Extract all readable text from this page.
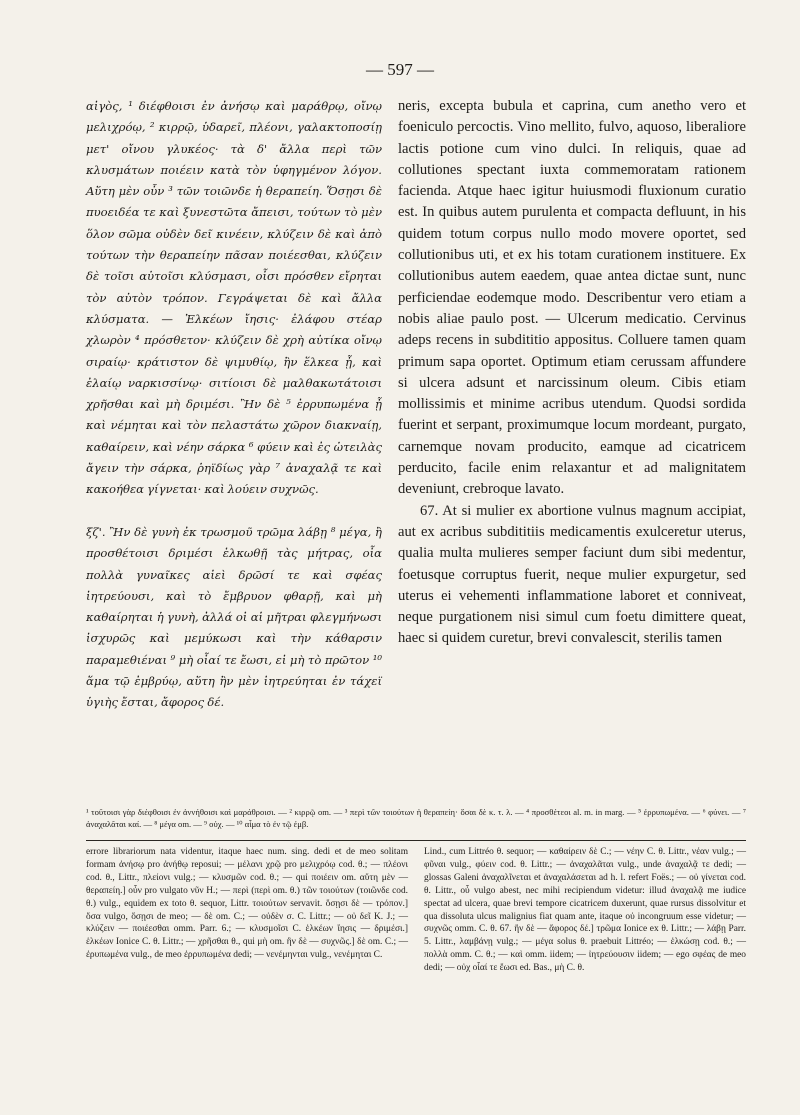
— 597 —

αἰγὸς, ¹ διέφθοισι ἐν ἀνήσῳ καὶ μαράθρῳ, οἴνῳ μελιχρόῳ, ² κιρρῷ, ὑδαρεῖ, πλέονι, γαλακτοποσίῃ μετ' οἴνου γλυκέος· τὰ δ' ἄλλα περὶ τῶν κλυσμάτων ποιέειν κατὰ τὸν ὑφηγμένον λόγον. Αὕτη μὲν οὖν ³ τῶν τοιῶνδε ἡ θεραπείη. Ὅσῃσι δὲ πυοειδέα τε καὶ ξυνεστῶτα ἄπεισι, τούτων τὸ μὲν ὅλον σῶμα οὐδὲν δεῖ κινέειν, κλύζειν δὲ καὶ ἀπὸ τούτων τὴν θεραπείην πᾶσαν ποιέεσθαι, κλύζειν δὲ τοῖσι αὐτοῖσι κλύσμασι, οἷσι πρόσθεν εἴρηται τὸν αὐτὸν τρόπον. Γεγράψεται δὲ καὶ ἄλλα κλύσματα. — Ἑλκέων ἴησις· ἐλάφου στέαρ χλωρὸν ⁴ πρόσθετον· κλύζειν δὲ χρὴ αὐτίκα οἴνῳ σιραίῳ· κράτιστον δὲ ψιμυθίῳ, ἢν ἕλκεα ᾖ, καὶ ἐλαίῳ ναρκισσίνῳ· σιτίοισι δὲ μαλθακωτάτοισι χρῆσθαι καὶ μὴ δριμέσι. Ἢν δὲ ⁵ ἐρρυπωμένα ᾖ καὶ νέμηται καὶ τὸν πελαστάτω χῶρον διακναίῃ, καθαίρειν, καὶ νέην σάρκα ⁶ φύειν καὶ ἐς ὠτειλὰς ἄγειν τὴν σάρκα, ῥηϊδίως γὰρ ⁷ ἀναχαλᾷ τε καὶ κακοήθεα γίγνεται· καὶ λούειν συχνῶς.

ξζ'. Ἢν δὲ γυνὴ ἐκ τρωσμοῦ τρῶμα λάβῃ ⁸ μέγα, ἢ προσθέτοισι δριμέσι ἑλκωθῇ τὰς μήτρας, οἷα πολλὰ γυναῖκες αἰεὶ δρῶσί τε καὶ σφέας ἰητρεύουσι, καὶ τὸ ἔμβρυον φθαρῇ, καὶ μὴ καθαίρηται ἡ γυνὴ, ἀλλά οἱ αἱ μῆτραι φλεγμήνωσι ἰσχυρῶς καὶ μεμύκωσι καὶ τὴν κάθαρσιν παραμεθιέναι ⁹ μὴ οἷαί τε ἔωσι, εἰ μὴ τὸ πρῶτον ¹⁰ ἅμα τῷ ἐμβρύῳ, αὕτη ἢν μὲν ἰητρεύηται ἐν τάχεϊ ὑγιὴς ἔσται, ἄφορος δέ.

neris, excepta bubula et caprina, cum anetho vero et foeniculo percoctis. Vino mellito, fulvo, aquoso, liberaliore lactis potione cum vino dulci. In reliquis, quae ad collutiones spectant iuxta commemoratam rationem facienda. Atque haec igitur huiusmodi fluxionum curatio est. In quibus autem purulenta et compacta defluunt, in his quidem totum corpus nullo modo movere oportet, sed collutionibus uti, et ex his totam curationem instituere. Ex collutionibus autem eaedem, quae antea dictae sunt, nunc perficiendae eodemque modo. Describentur vero etiam a nobis aliae paulo post. — Ulcerum medicatio. Cervinus adeps recens in subdititio appositus. Colluere tamen quam primum sapa oportet. Optimum etiam cerussam affundere si ulcera adsunt et narcissinum oleum. Cibis etiam mollissimis et minime acribus utendum. Quodsi sordida fuerint et serpant, proximumque locum mordeant, purgato, carnemque novam producito, eamque ad cicatricem perducito, facile enim relaxantur et ad malignitatem deveniunt, crebroque lavato.

67. At si mulier ex abortione vulnus magnum accipiat, aut ex acribus subdititiis medicamentis exulceretur uterus, qualia multa mulieres semper faciunt dum sibi medentur, foetusque corruptus fuerit, neque mulier expurgetur, sed uterus ei vehementi inflammatione laboret et conniveat, neque purgationem nisi simul cum foetu dimittere queat, haec si quidem curetur, brevi convalescit, sterilis tamen

¹ τοῦτοισι γὰρ διέφθοισι ἐν ἀννήθοισι καὶ μαράθροισι. — ² κιρρῷ om. — ³ περὶ τῶν τοιούτων ἡ θεραπείη· ὅσαι δὲ κ. τ. λ. — ⁴ προσθέτεοι al. m. in marg. — ⁵ ἐρρυπωμένα. — ⁶ φύνει. — ⁷ ἀναχαλᾶται καί. — ⁸ μέγα om. — ⁹ οὐχ. — ¹⁰ αἷμα τὸ ἐν τῷ ἐμβ.
errore librariorum nata videntur, itaque haec num. sing. dedi et de meo solitam formam ἀνήσῳ pro ἀνήθῳ reposui; — μέλανι χρῷ pro μελιχρόῳ cod. θ.; — πλέονι cod. θ., Littr., πλείονι vulg.; — κλυσμῶν cod. θ.; — qui ποιέειν om. αὕτη μὲν — θεραπείη.] οὖν pro vulgato νῦν H.; — περὶ (περὶ om. θ.) τῶν τοιούτων (τοιῶνδε cod. θ.) vulg., equidem ex toto θ. sequor, Littr. τοιούτων servavit. ὅσῃσι δὲ — τρόπον.] ὅσα vulgo, ὅσῃσι de meo; — δὲ om. C.; — οὐδὲν σ. C. Littr.; — οὐ δεῖ K. J.; — κλύζειν — ποιέεσθαι omm. Parr. 6.; — κλυσμοῖσι C. ἑλκέων ἴησις — δριμέσι.] ἑλκέων Ionice C. θ. Littr.; — χρῆσθαι θ., qui μὴ om. ἢν δὲ — συχνῶς.] δὲ om. C.; — ἐρυπωμένα vulg., de meo ἐρρυπωμένα dedi; — νενέμηνται vulg., νενέμηται C.
Lind., cum Littréo θ. sequor; — καθαίρειν δὲ C.; — νέην C. θ. Littr., νέαν vulg.; — φῦναι vulg., φύειν cod. θ. Littr.; — ἀναχαλᾶται vulg., unde ἀναχαλᾷ τε dedi; — glossas Galeni ἀναχαλῖνεται et ἀναχαλάσεται ad h. l. refert Foës.; — οὐ γίνεται cod. θ. Littr., οὖ vulgo abest, nec mihi recipiendum videtur: illud ἀναχαλᾷ me iudice spectat ad ulcera, quae brevi tempore cicatricem duxerunt, quae rursus dissolvitur et qua dissoluta ulcus malignius fiat quam ante, itaque οὐ incongruum esse videtur; — συχνῶς omm. C. θ. 67. ἢν δὲ — ἄφορος δέ.] τρῶμα Ionice ex θ. Littr.; — λάβῃ Parr. 5. Littr., λαμβάνῃ vulg.; — μέγα solus θ. praebuit Littréo; — ἑλκώσῃ cod. θ.; — πολλὰ omm. C. θ.; — καὶ omm. iidem; — ἰητρεύουσιν iidem; — ego σφέας de meo dedi; — οὐχ οἷαί τε ἔωσι ed. Bas., μὴ C. θ.
